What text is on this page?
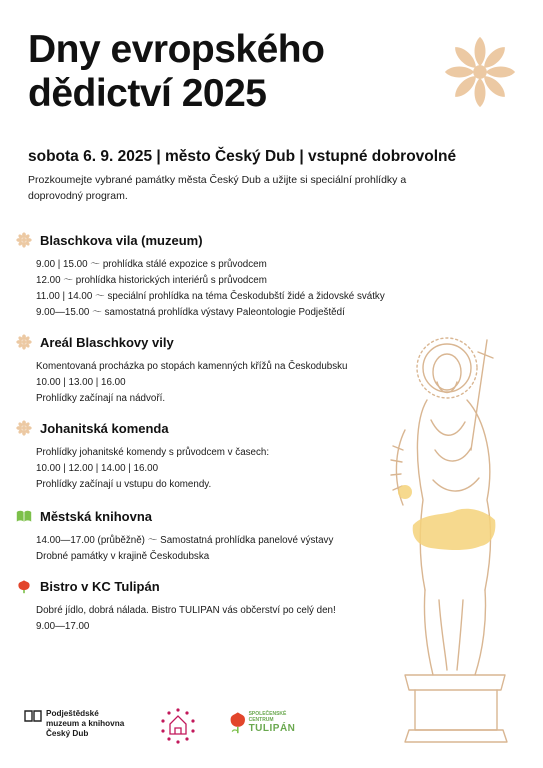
Dny evropského
dědictví 2025
sobota 6. 9. 2025 | město Český Dub | vstupné dobrovolné
Prozkoumejte vybrané památky města Český Dub a užijte si speciální prohlídky a doprovodný program.
Blaschkova vila (muzeum)
9.00 | 15.00 ～ prohlídka stálé expozice s průvodcem
12.00 ～ prohlídka historických interiérů s průvodcem
11.00 | 14.00 ～ speciální prohlídka na téma Českodubští židé a židovské svátky
9.00—15.00 ～ samostatná prohlídka výstavy Paleontologie Podještědí
Areál Blaschkovy vily
Komentovaná procházka po stopách kamenných křížů na Českodubsku
10.00 | 13.00 | 16.00
Prohlídky začínají na nádvoří.
Johanitská komenda
Prohlídky johanitské komendy s průvodcem v časech:
10.00 | 12.00 | 14.00 | 16.00
Prohlídky začínají u vstupu do komendy.
Městská knihovna
14.00—17.00 (průběžně) ～ Samostatná prohlídka panelové výstavy
Drobné památky v krajině Českodubska
Bistro v KC Tulipán
Dobré jídlo, dobrá nálada. Bistro TULIPAN vás občerství po celý den!
9.00—17.00
Podještědské
muzeum a knihovna
Český Dub
SPOLEČENSKÉ CENTRUM
TULIPÁN
